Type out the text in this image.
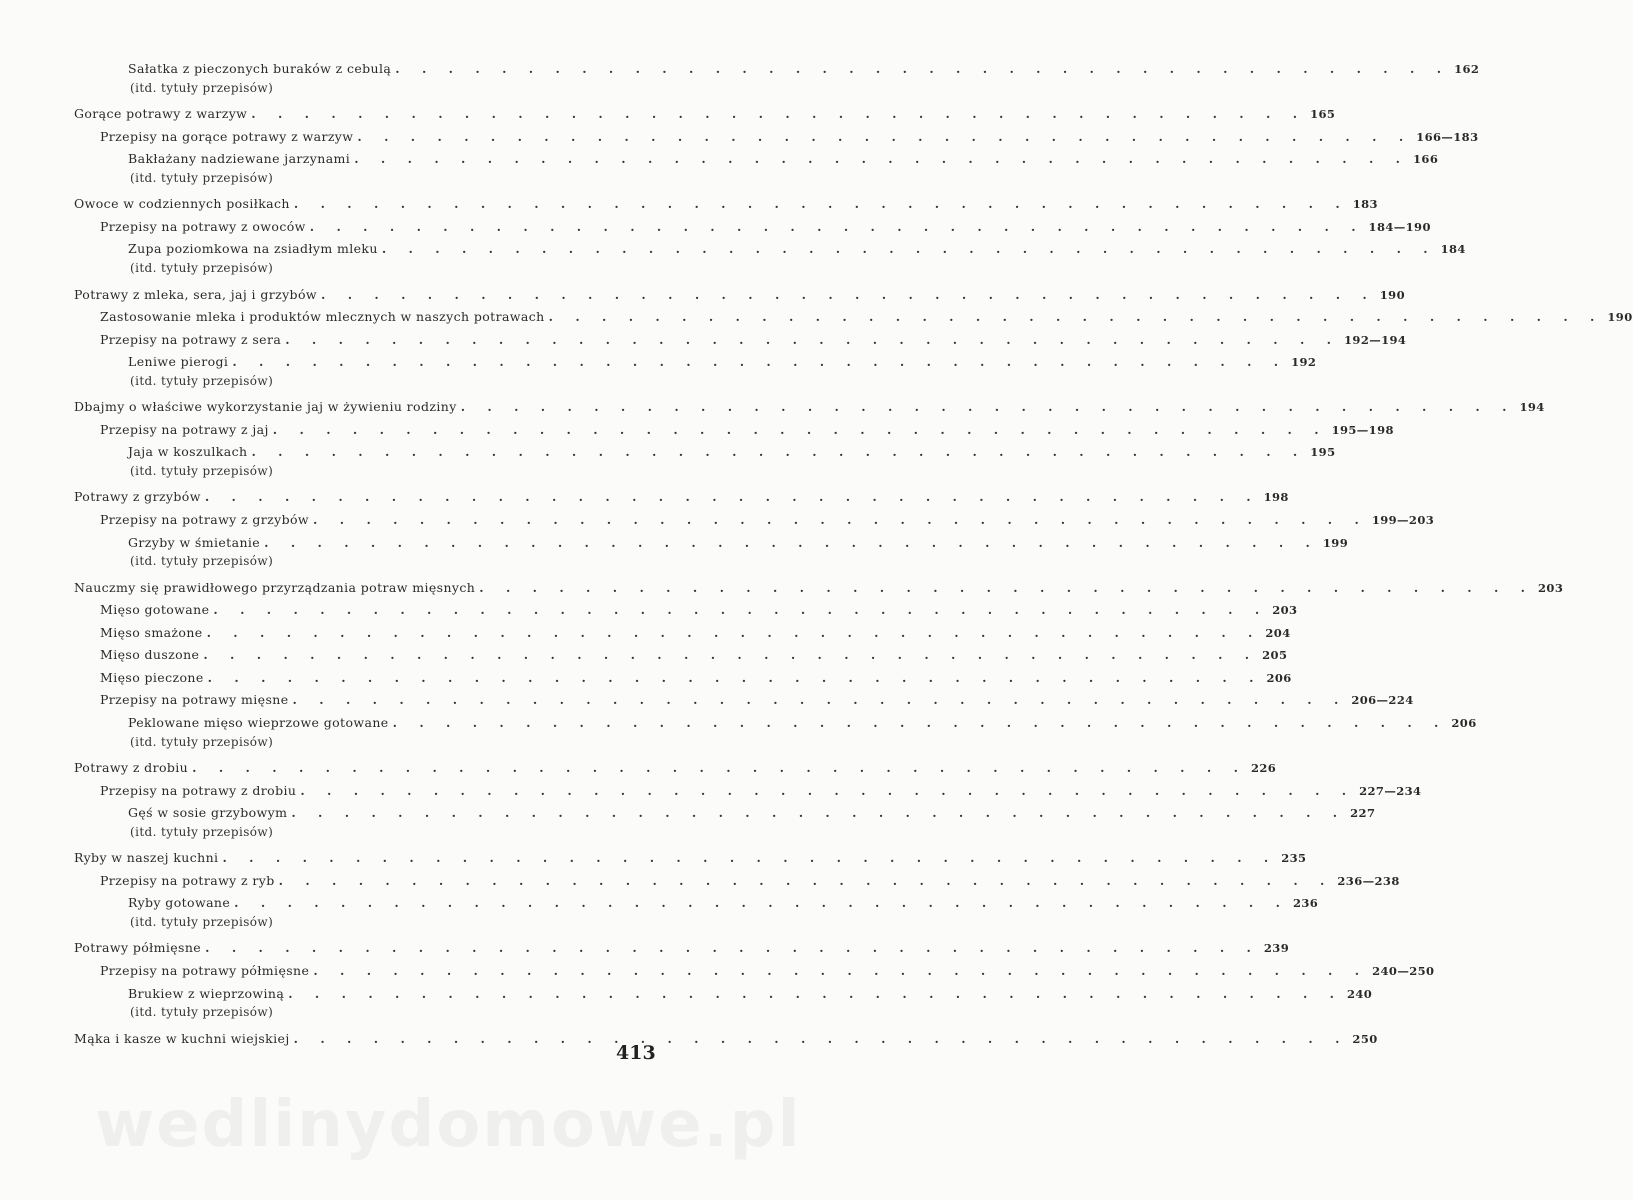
Sałatka z pieczonych buraków z cebulą . . . . . . . . . . . . . . . . . . . . . . . . . . . . . . . . . . . . . . . . 162
(itd. tytuły przepisów)
Gorące potrawy z warzyw . . . . . . . . . . . . . . . . . . . . . . . . . . . . . . . . . . . . . . . . 165
Przepisy na gorące potrawy z warzyw . . . . . . . . . . . . . . . . . . . . . . . . . . . . . . . . . . . . . . . . 166—183
Bakłażany nadziewane jarzynami . . . . . . . . . . . . . . . . . . . . . . . . . . . . . . . . . . . . . . . . 166
(itd. tytuły przepisów)
Owoce w codziennych posiłkach . . . . . . . . . . . . . . . . . . . . . . . . . . . . . . . . . . . . . . . . 183
Przepisy na potrawy z owoców . . . . . . . . . . . . . . . . . . . . . . . . . . . . . . . . . . . . . . . . 184—190
Zupa poziomkowa na zsiadłym mleku . . . . . . . . . . . . . . . . . . . . . . . . . . . . . . . . . . . . . . . . 184
(itd. tytuły przepisów)
Potrawy z mleka, sera, jaj i grzybów . . . . . . . . . . . . . . . . . . . . . . . . . . . . . . . . . . . . . . . . 190
Zastosowanie mleka i produktów mlecznych w naszych potrawach . . . . . . . . . . . . . . . . . . . . . . . . . . . . . . . . . . . . . . . . 190
Przepisy na potrawy z sera . . . . . . . . . . . . . . . . . . . . . . . . . . . . . . . . . . . . . . . . 192—194
Leniwe pierogi . . . . . . . . . . . . . . . . . . . . . . . . . . . . . . . . . . . . . . . . 192
(itd. tytuły przepisów)
Dbajmy o właściwe wykorzystanie jaj w żywieniu rodziny . . . . . . . . . . . . . . . . . . . . . . . . . . . . . . . . . . . . . . . . 194
Przepisy na potrawy z jaj . . . . . . . . . . . . . . . . . . . . . . . . . . . . . . . . . . . . . . . . 195—198
Jaja w koszulkach . . . . . . . . . . . . . . . . . . . . . . . . . . . . . . . . . . . . . . . . 195
(itd. tytuły przepisów)
Potrawy z grzybów . . . . . . . . . . . . . . . . . . . . . . . . . . . . . . . . . . . . . . . . 198
Przepisy na potrawy z grzybów . . . . . . . . . . . . . . . . . . . . . . . . . . . . . . . . . . . . . . . . 199—203
Grzyby w śmietanie . . . . . . . . . . . . . . . . . . . . . . . . . . . . . . . . . . . . . . . . 199
(itd. tytuły przepisów)
Nauczmy się prawidłowego przyrządzania potraw mięsnych . . . . . . . . . . . . . . . . . . . . . . . . . . . . . . . . . . . . . . . . 203
Mięso gotowane . . . . . . . . . . . . . . . . . . . . . . . . . . . . . . . . . . . . . . . . 203
Mięso smażone . . . . . . . . . . . . . . . . . . . . . . . . . . . . . . . . . . . . . . . . 204
Mięso duszone . . . . . . . . . . . . . . . . . . . . . . . . . . . . . . . . . . . . . . . . 205
Mięso pieczone . . . . . . . . . . . . . . . . . . . . . . . . . . . . . . . . . . . . . . . . 206
Przepisy na potrawy mięsne . . . . . . . . . . . . . . . . . . . . . . . . . . . . . . . . . . . . . . . . 206—224
Peklowane mięso wieprzowe gotowane . . . . . . . . . . . . . . . . . . . . . . . . . . . . . . . . . . . . . . . . 206
(itd. tytuły przepisów)
Potrawy z drobiu . . . . . . . . . . . . . . . . . . . . . . . . . . . . . . . . . . . . . . . . 226
Przepisy na potrawy z drobiu . . . . . . . . . . . . . . . . . . . . . . . . . . . . . . . . . . . . . . . . 227—234
Gęś w sosie grzybowym . . . . . . . . . . . . . . . . . . . . . . . . . . . . . . . . . . . . . . . . 227
(itd. tytuły przepisów)
Ryby w naszej kuchni . . . . . . . . . . . . . . . . . . . . . . . . . . . . . . . . . . . . . . . . 235
Przepisy na potrawy z ryb . . . . . . . . . . . . . . . . . . . . . . . . . . . . . . . . . . . . . . . . 236—238
Ryby gotowane . . . . . . . . . . . . . . . . . . . . . . . . . . . . . . . . . . . . . . . . 236
(itd. tytuły przepisów)
Potrawy półmięsne . . . . . . . . . . . . . . . . . . . . . . . . . . . . . . . . . . . . . . . . 239
Przepisy na potrawy półmięsne . . . . . . . . . . . . . . . . . . . . . . . . . . . . . . . . . . . . . . . . 240—250
Brukiew z wieprzowiną . . . . . . . . . . . . . . . . . . . . . . . . . . . . . . . . . . . . . . . . 240
(itd. tytuły przepisów)
Mąka i kasze w kuchni wiejskiej . . . . . . . . . . . . . . . . . . . . . . . . . . . . . . . . . . . . . . . . 250
413
wedlinydomowe.pl
